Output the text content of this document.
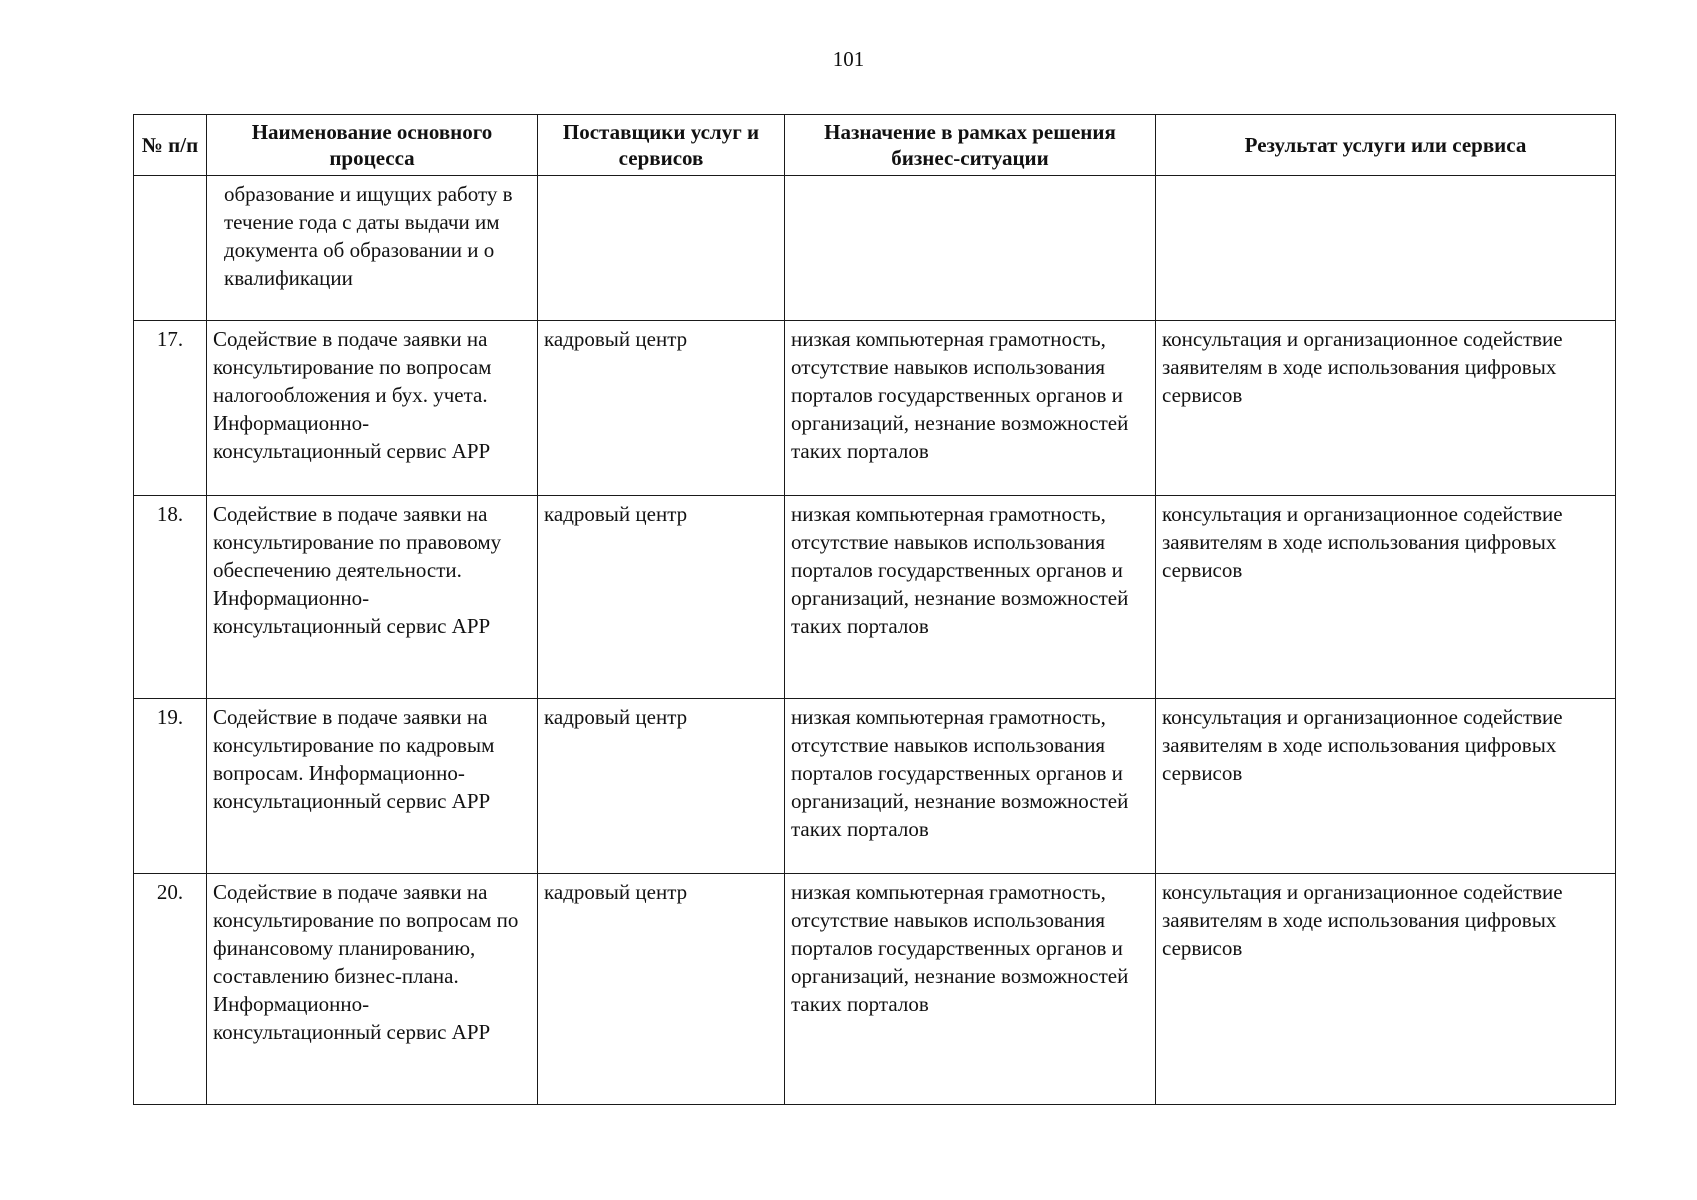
101
№ п/п	Наименование основного процесса	Поставщики услуг и сервисов	Назначение в рамках решения бизнес-ситуации	Результат услуги или сервиса
	образование и ищущих работу в течение года с даты выдачи им документа об образовании и о квалификации			
17.	Содействие в подаче заявки на консультирование по вопросам налогообложения и бух. учета. Информационно-консультационный сервис АРР	кадровый центр	низкая компьютерная грамотность, отсутствие навыков использования порталов государственных органов и организаций, незнание возможностей таких порталов	консультация и организационное содействие заявителям в ходе использования цифровых сервисов
18.	Содействие в подаче заявки на консультирование по правовому обеспечению деятельности. Информационно-консультационный сервис АРР	кадровый центр	низкая компьютерная грамотность, отсутствие навыков использования порталов государственных органов и организаций, незнание возможностей таких порталов	консультация и организационное содействие заявителям в ходе использования цифровых сервисов
19.	Содействие в подаче заявки на консультирование по кадровым вопросам. Информационно-консультационный сервис АРР	кадровый центр	низкая компьютерная грамотность, отсутствие навыков использования порталов государственных органов и организаций, незнание возможностей таких порталов	консультация и организационное содействие заявителям в ходе использования цифровых сервисов
20.	Содействие в подаче заявки на консультирование по вопросам по финансовому планированию, составлению бизнес-плана. Информационно-консультационный сервис АРР	кадровый центр	низкая компьютерная грамотность, отсутствие навыков использования порталов государственных органов и организаций, незнание возможностей таких порталов	консультация и организационное содействие заявителям в ходе использования цифровых сервисов
